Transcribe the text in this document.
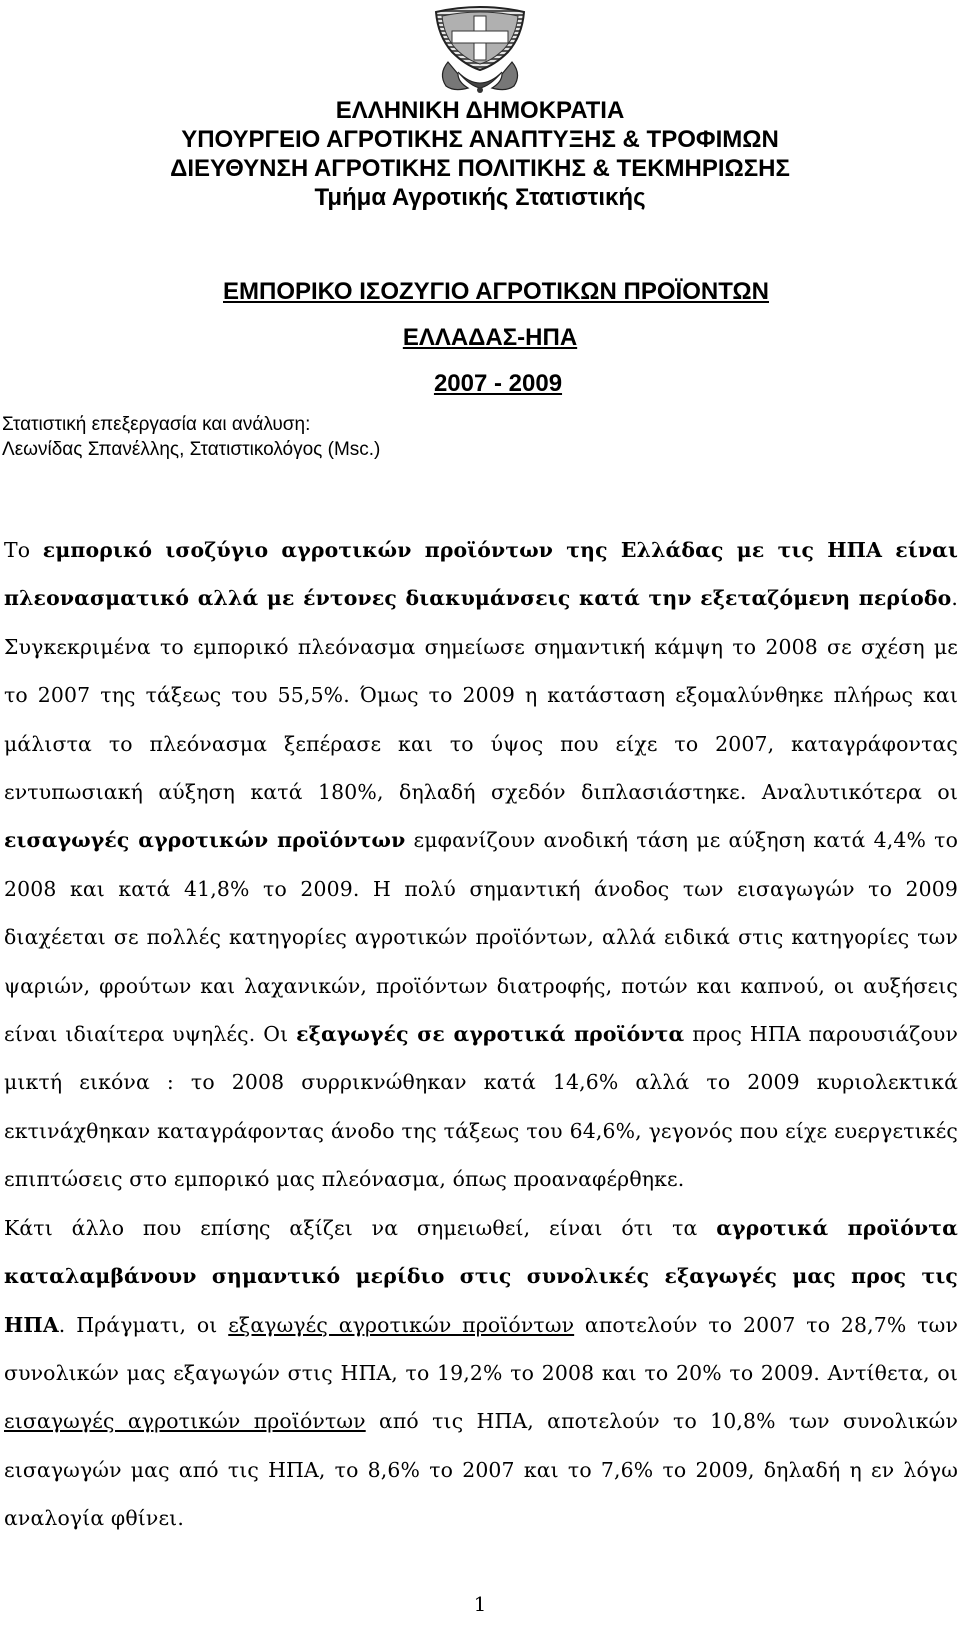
ΕΛΛΗΝΙΚΗ ΔΗΜΟΚΡΑΤΙΑ
ΥΠΟΥΡΓΕΙΟ ΑΓΡΟΤΙΚΗΣ ΑΝΑΠΤΥΞΗΣ & ΤΡΟΦΙΜΩΝ
ΔΙΕΥΘΥΝΣΗ ΑΓΡΟΤΙΚΗΣ ΠΟΛΙΤΙΚΗΣ & ΤΕΚΜΗΡΙΩΣΗΣ
Τμήμα Αγροτικής Στατιστικής
ΕΜΠΟΡΙΚΟ ΙΣΟΖΥΓΙΟ ΑΓΡΟΤΙΚΩΝ ΠΡΟΪΟΝΤΩΝ
ΕΛΛΑΔΑΣ-ΗΠΑ
2007 - 2009
Στατιστική επεξεργασία και ανάλυση:
Λεωνίδας Σπανέλλης, Στατιστικολόγος (Msc.)

Το εμπορικό ισοζύγιο αγροτικών προϊόντων της Ελλάδας με τις ΗΠΑ είναι πλεονασματικό αλλά με έντονες διακυμάνσεις κατά την εξεταζόμενη περίοδο. Συγκεκριμένα το εμπορικό πλεόνασμα σημείωσε σημαντική κάμψη το 2008 σε σχέση με το 2007 της τάξεως του 55,5%. Όμως το 2009 η κατάσταση εξομαλύνθηκε πλήρως και μάλιστα το πλεόνασμα ξεπέρασε και το ύψος που είχε το 2007, καταγράφοντας εντυπωσιακή αύξηση κατά 180%, δηλαδή σχεδόν διπλασιάστηκε. Αναλυτικότερα οι εισαγωγές αγροτικών προϊόντων εμφανίζουν ανοδική τάση με αύξηση κατά 4,4% το 2008 και κατά 41,8% το 2009. Η πολύ σημαντική άνοδος των εισαγωγών το 2009 διαχέεται σε πολλές κατηγορίες αγροτικών προϊόντων, αλλά ειδικά στις κατηγορίες των ψαριών, φρούτων και λαχανικών, προϊόντων διατροφής, ποτών και καπνού, οι αυξήσεις είναι ιδιαίτερα υψηλές. Οι εξαγωγές σε αγροτικά προϊόντα προς ΗΠΑ παρουσιάζουν μικτή εικόνα : το 2008 συρρικνώθηκαν κατά 14,6% αλλά το 2009 κυριολεκτικά εκτινάχθηκαν καταγράφοντας άνοδο της τάξεως του 64,6%, γεγονός που είχε ευεργετικές επιπτώσεις στο εμπορικό μας πλεόνασμα, όπως προαναφέρθηκε.

Κάτι άλλο που επίσης αξίζει να σημειωθεί, είναι ότι τα αγροτικά προϊόντα καταλαμβάνουν σημαντικό μερίδιο στις συνολικές εξαγωγές μας προς τις ΗΠΑ. Πράγματι, οι εξαγωγές αγροτικών προϊόντων αποτελούν το 2007 το 28,7% των συνολικών μας εξαγωγών στις ΗΠΑ, το 19,2% το 2008 και το 20% το 2009. Αντίθετα, οι εισαγωγές αγροτικών προϊόντων από τις ΗΠΑ, αποτελούν το 10,8% των συνολικών εισαγωγών μας από τις ΗΠΑ, το 8,6% το 2007 και το 7,6% το 2009, δηλαδή η εν λόγω αναλογία φθίνει.

1
